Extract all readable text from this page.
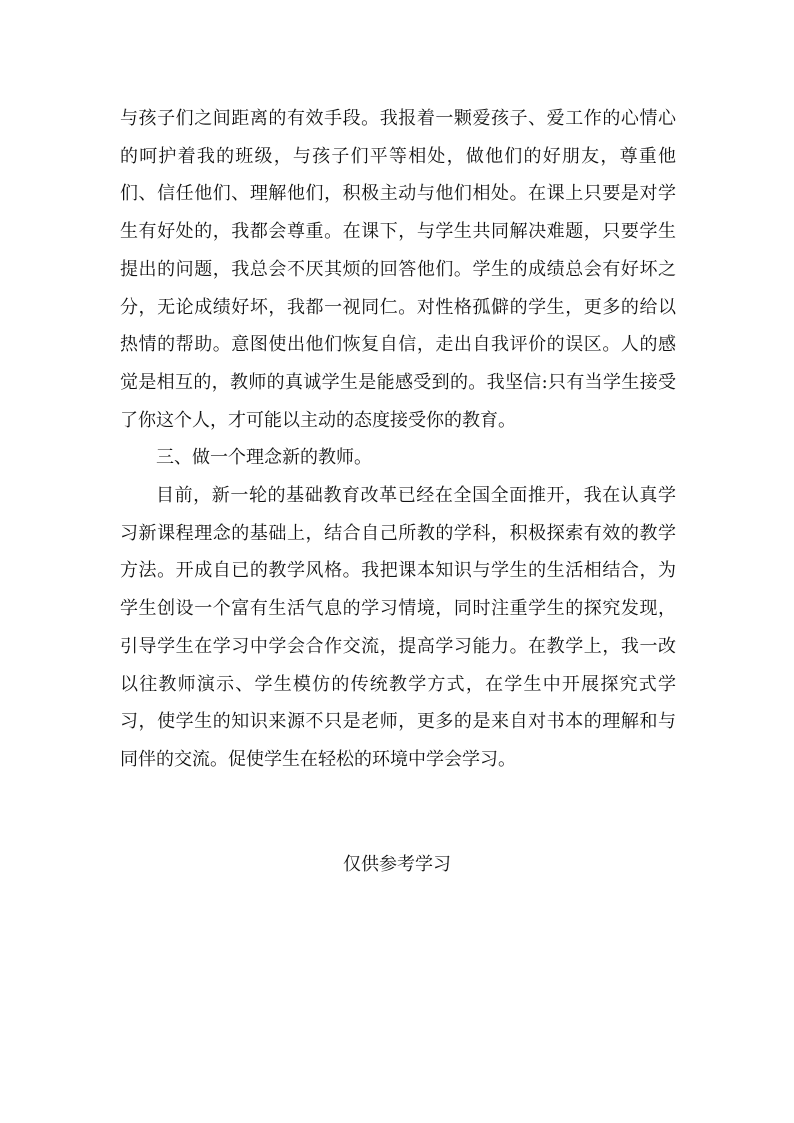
与孩子们之间距离的有效手段。我报着一颗爱孩子、爱工作的心情心的呵护着我的班级，与孩子们平等相处，做他们的好朋友，尊重他们、信任他们、理解他们，积极主动与他们相处。在课上只要是对学生有好处的，我都会尊重。在课下，与学生共同解决难题，只要学生提出的问题，我总会不厌其烦的回答他们。学生的成绩总会有好坏之分，无论成绩好坏，我都一视同仁。对性格孤僻的学生，更多的给以热情的帮助。意图使出他们恢复自信，走出自我评价的误区。人的感觉是相互的，教师的真诚学生是能感受到的。我坚信:只有当学生接受了你这个人，才可能以主动的态度接受你的教育。

三、做一个理念新的教师。

目前，新一轮的基础教育改革已经在全国全面推开，我在认真学习新课程理念的基础上，结合自己所教的学科，积极探索有效的教学方法。开成自已的教学风格。我把课本知识与学生的生活相结合，为学生创设一个富有生活气息的学习情境，同时注重学生的探究发现，引导学生在学习中学会合作交流，提高学习能力。在教学上，我一改以往教师演示、学生模仿的传统教学方式，在学生中开展探究式学习，使学生的知识来源不只是老师，更多的是来自对书本的理解和与同伴的交流。促使学生在轻松的环境中学会学习。

仅供参考学习
